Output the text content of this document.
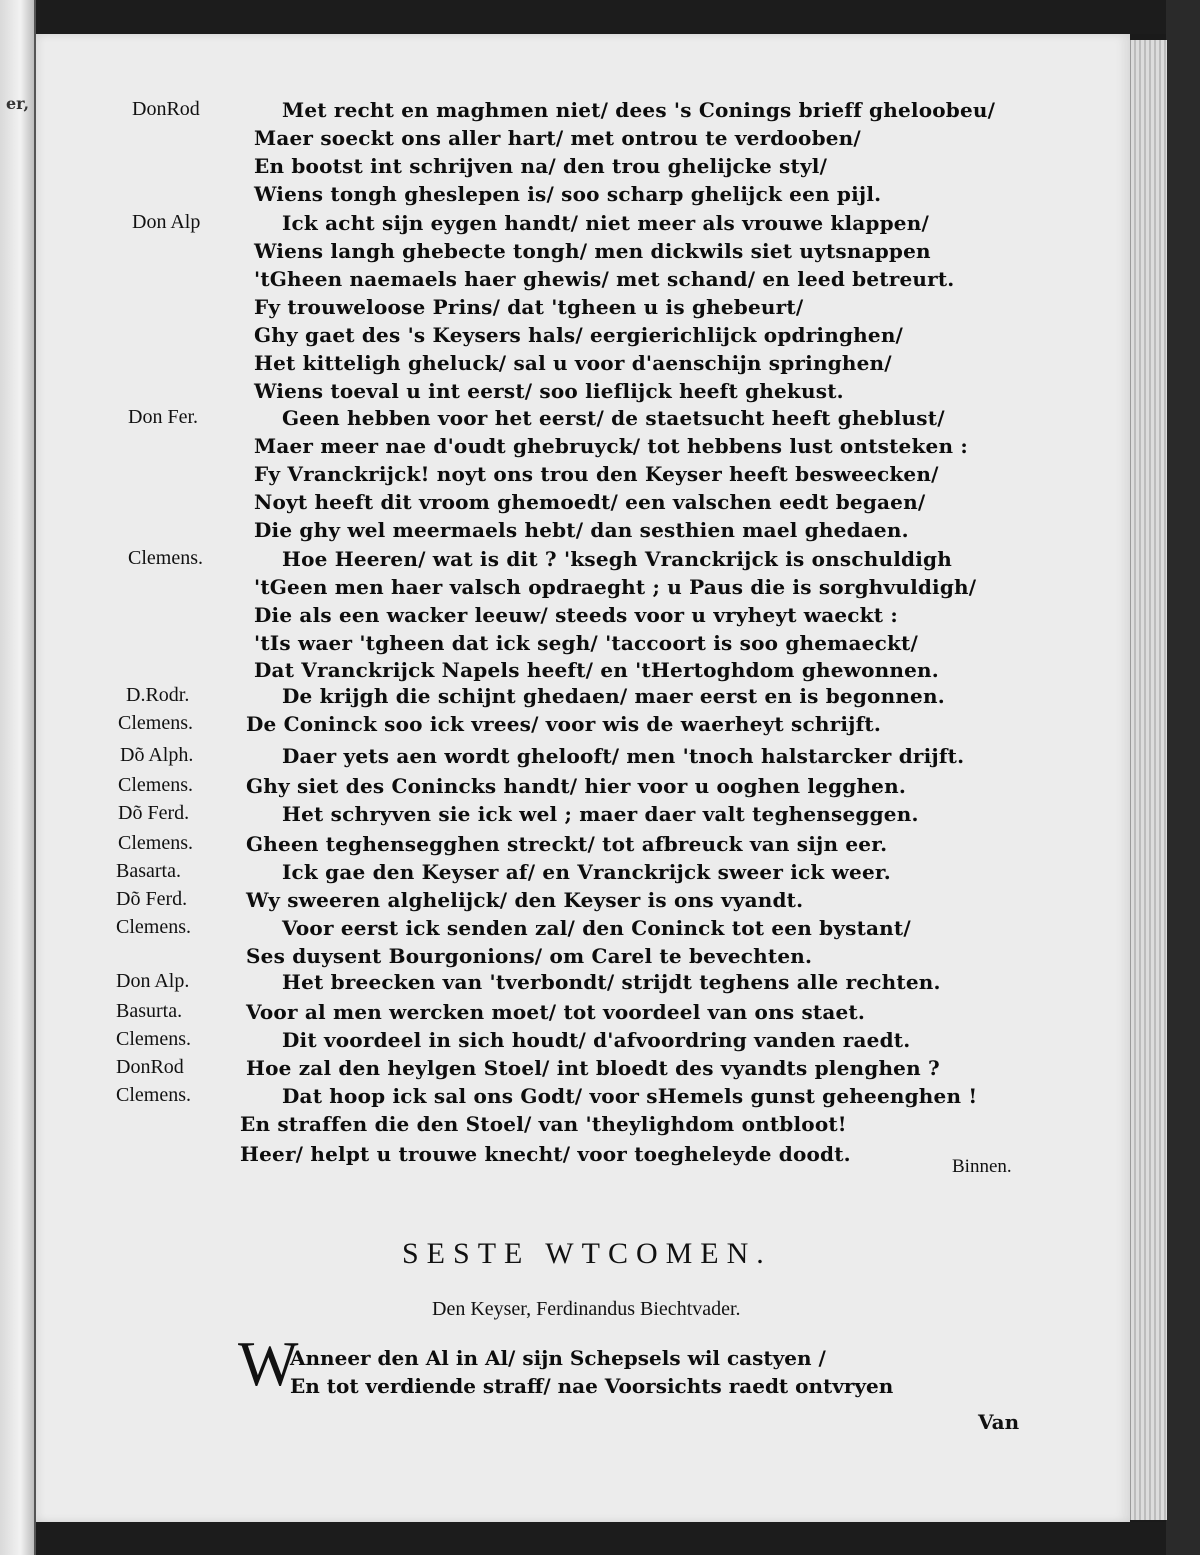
er,	DonRod
Don Alp
Don Fer.
Clemens.
D.Rodr.
Clemens.
Dõ Alph.
Clemens.
Dõ Ferd.
Clemens.
Basarta.
Dõ Ferd.
Clemens.
Don Alp.
Basurta.
Clemens.
DonRod
Clemens.
Met recht en maghmen niet/ dees 's Conings brieff gheloobeu/
Maer soeckt ons aller hart/ met ontrou te verdooben/
En bootst int schrijven na/ den trou ghelijcke styl/
Wiens tongh gheslepen is/ soo scharp ghelijck een pijl.
Ick acht sijn eygen handt/ niet meer als vrouwe klappen/
Wiens langh ghebecte tongh/ men dickwils siet uytsnappen
'tGheen naemaels haer ghewis/ met schand/ en leed betreurt.
Fy trouweloose Prins/ dat 'tgheen u is ghebeurt/
Ghy gaet des 's Keysers hals/ eergierichlijck opdringhen/
Het kitteligh gheluck/ sal u voor d'aenschijn springhen/
Wiens toeval u int eerst/ soo lieflijck heeft ghekust.
Geen hebben voor het eerst/ de staetsucht heeft gheblust/
Maer meer nae d'oudt ghebruyck/ tot hebbens lust ontsteken :
Fy Vranckrijck! noyt ons trou den Keyser heeft besweecken/
Noyt heeft dit vroom ghemoedt/ een valschen eedt begaen/
Die ghy wel meermaels hebt/ dan sesthien mael ghedaen.
Hoe Heeren/ wat is dit ? 'ksegh Vranckrijck is onschuldigh
'tGeen men haer valsch opdraeght ; u Paus die is sorghvuldigh/
Die als een wacker leeuw/ steeds voor u vryheyt waeckt :
'tIs waer 'tgheen dat ick segh/ 'taccoort is soo ghemaeckt/
Dat Vranckrijck Napels heeft/ en 'tHertoghdom ghewonnen.
De krijgh die schijnt ghedaen/ maer eerst en is begonnen.
De Coninck soo ick vrees/ voor wis de waerheyt schrijft.
Daer yets aen wordt ghelooft/ men 'tnoch halstarcker drijft.
Ghy siet des Conincks handt/ hier voor u ooghen legghen.
Het schryven sie ick wel ; maer daer valt teghenseggen.
Gheen teghensegghen streckt/ tot afbreuck van sijn eer.
Ick gae den Keyser af/ en Vranckrijck sweer ick weer.
Wy sweeren alghelijck/ den Keyser is ons vyandt.
Voor eerst ick senden zal/ den Coninck tot een bystant/
Ses duysent Bourgonions/ om Carel te bevechten.
Het breecken van 'tverbondt/ strijdt teghens alle rechten.
Voor al men wercken moet/ tot voordeel van ons staet.
Dit voordeel in sich houdt/ d'afvoordring vanden raedt.
Hoe zal den heylgen Stoel/ int bloedt des vyandts plenghen ?
Dat hoop ick sal ons Godt/ voor sHemels gunst geheenghen !
En straffen die den Stoel/ van 'theylighdom ontbloot!
Heer/ helpt u trouwe knecht/ voor toegheleyde doodt.
Binnen.
SESTE WTCOMEN.
Den Keyser, Ferdinandus Biechtvader.
W
Anneer den Al in Al/ sijn Schepsels wil castyen /
En tot verdiende straff/ nae Voorsichts raedt ontvryen
Van
